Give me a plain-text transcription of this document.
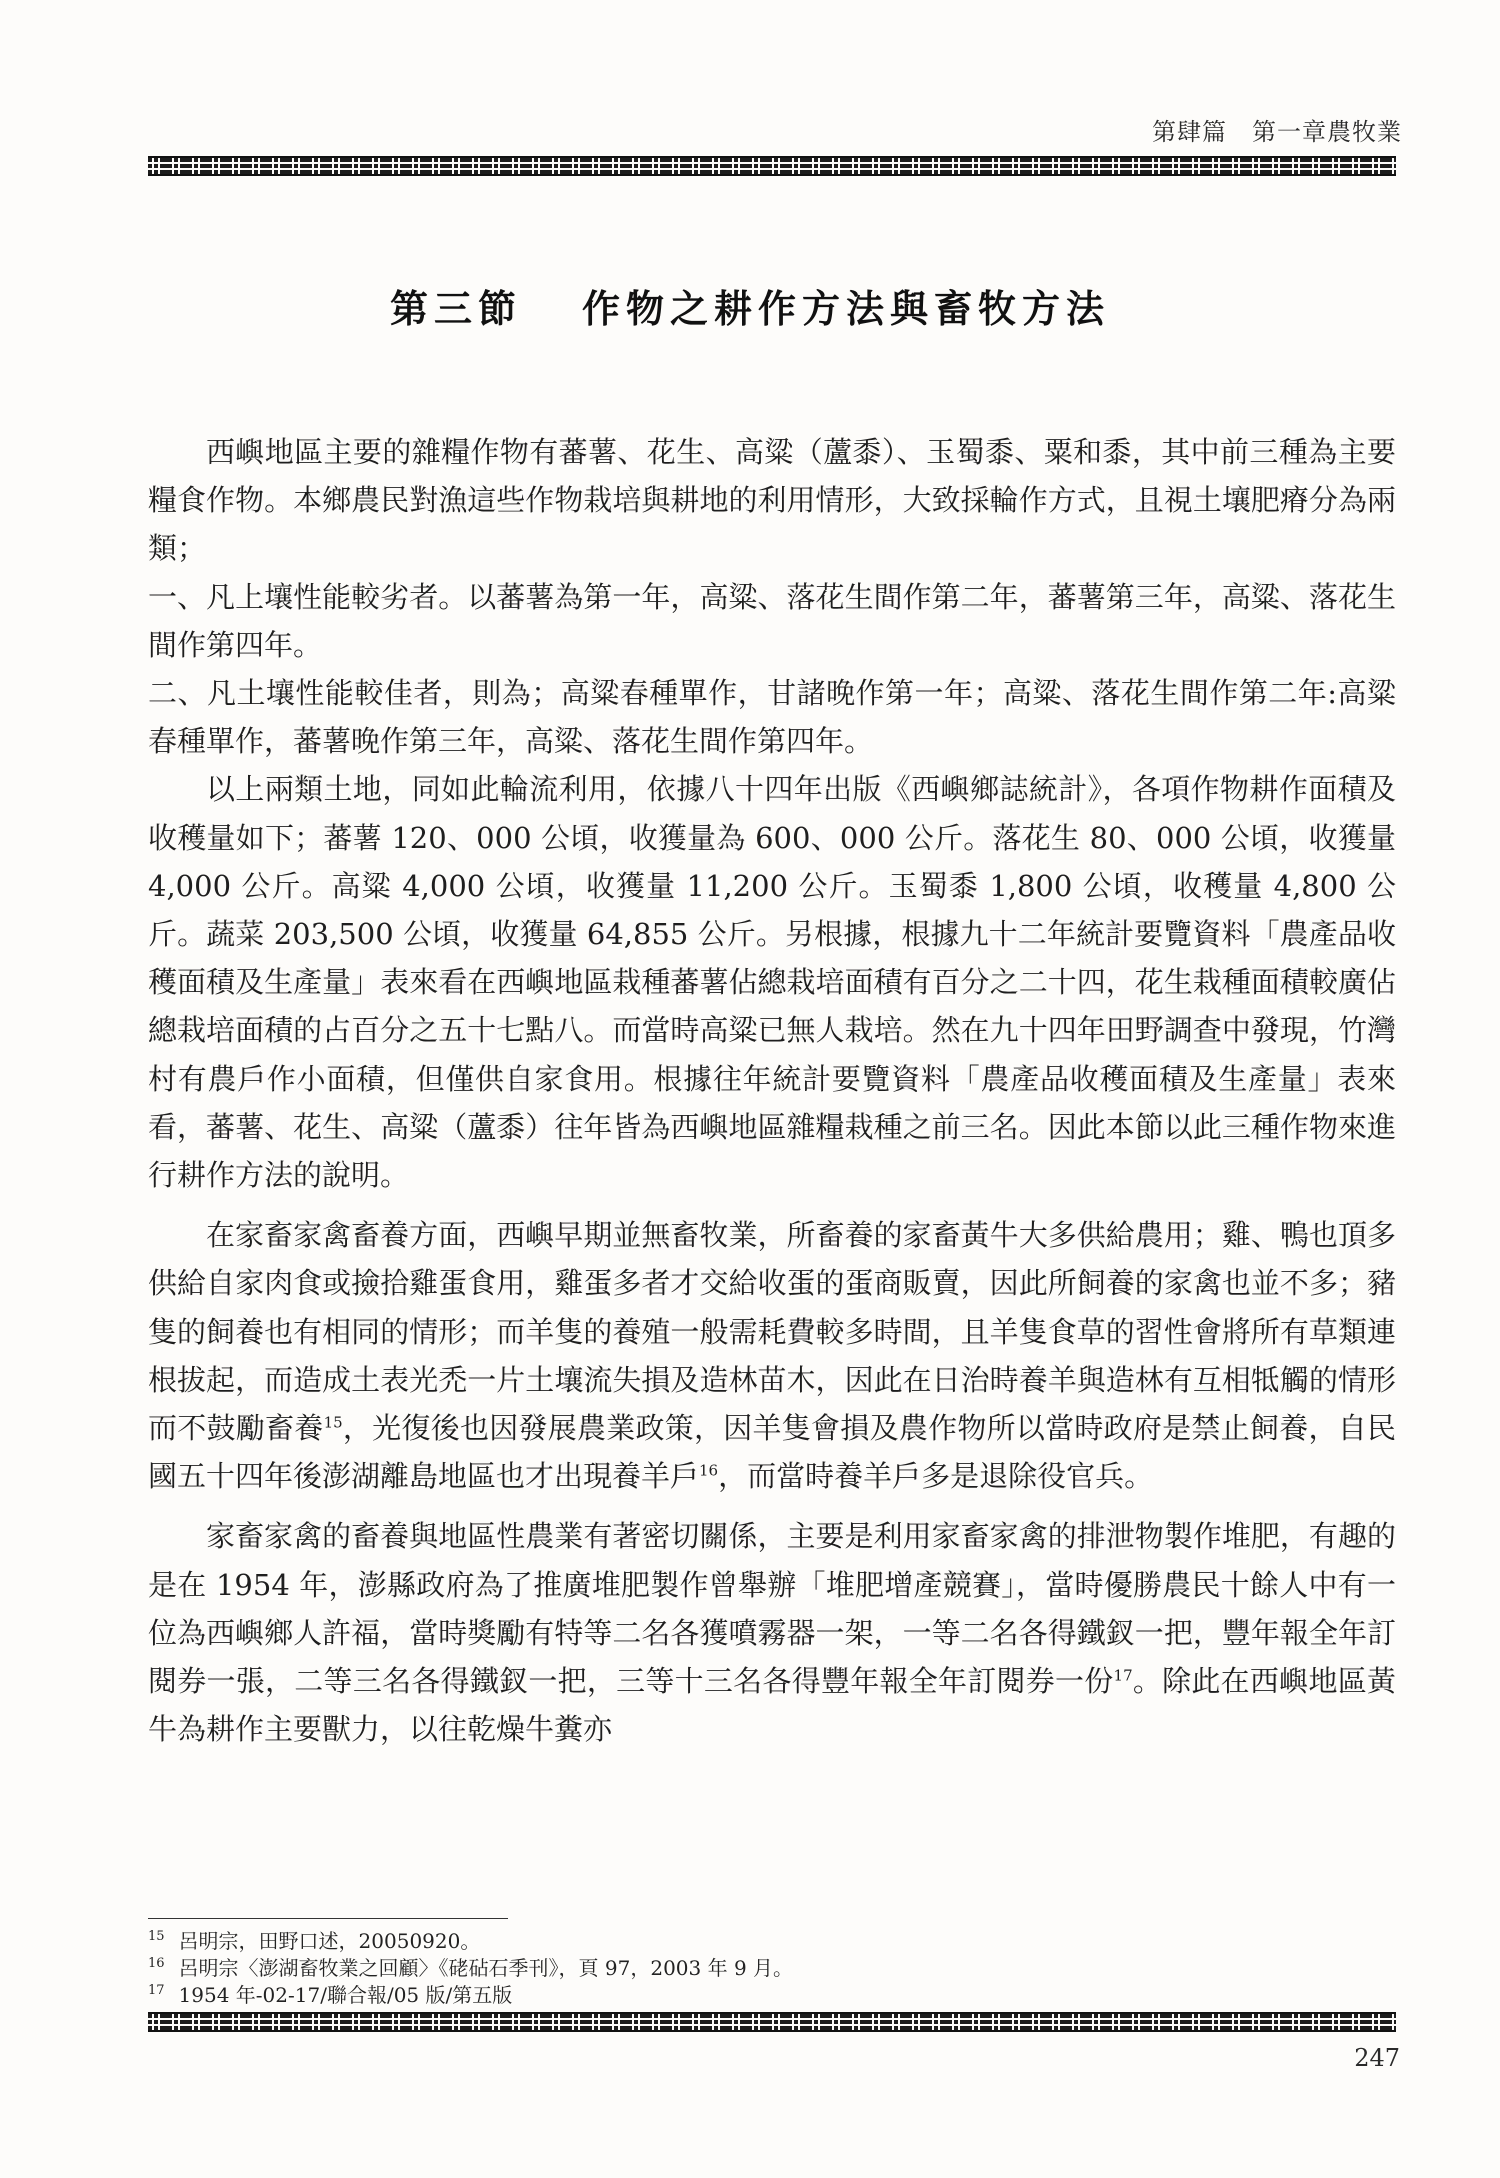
第肆篇　第一章農牧業
第三節 作物之耕作方法與畜牧方法

西嶼地區主要的雜糧作物有蕃薯、花生、高粱（蘆黍）、玉蜀黍、粟和黍，其中前三種為主要糧食作物。本鄉農民對漁這些作物栽培與耕地的利用情形，大致採輪作方式，且視土壤肥瘠分為兩類；

一、凡上壤性能較劣者。以蕃薯為第一年，高粱、落花生間作第二年，蕃薯第三年，高粱、落花生間作第四年。

二、凡土壤性能較佳者，則為；高粱春種單作，甘諸晚作第一年；高粱、落花生間作第二年:高粱春種單作，蕃薯晚作第三年，高粱、落花生間作第四年。

以上兩類土地，同如此輪流利用，依據八十四年出版《西嶼鄉誌統計》，各項作物耕作面積及收穫量如下；蕃薯 120、000 公頃，收獲量為 600、000 公斤。落花生 80、000 公頃，收獲量 4,000 公斤。高粱 4,000 公頃，收獲量 11,200 公斤。玉蜀黍 1,800 公頃，收穫量 4,800 公斤。蔬菜 203,500 公頃，收獲量 64,855 公斤。另根據，根據九十二年統計要覽資料「農產品收穫面積及生產量」表來看在西嶼地區栽種蕃薯佔總栽培面積有百分之二十四，花生栽種面積較廣佔總栽培面積的占百分之五十七點八。而當時高粱已無人栽培。然在九十四年田野調查中發現，竹灣村有農戶作小面積，但僅供自家食用。根據往年統計要覽資料「農產品收穫面積及生產量」表來看，蕃薯、花生、高粱（蘆黍）往年皆為西嶼地區雜糧栽種之前三名。因此本節以此三種作物來進行耕作方法的說明。

在家畜家禽畜養方面，西嶼早期並無畜牧業，所畜養的家畜黃牛大多供給農用；雞、鴨也頂多供給自家肉食或撿拾雞蛋食用，雞蛋多者才交給收蛋的蛋商販賣，因此所飼養的家禽也並不多；豬隻的飼養也有相同的情形；而羊隻的養殖一般需耗費較多時間，且羊隻食草的習性會將所有草類連根拔起，而造成土表光禿一片土壤流失損及造林苗木，因此在日治時養羊與造林有互相牴觸的情形而不鼓勵畜養$^{15}$，光復後也因發展農業政策，因羊隻會損及農作物所以當時政府是禁止飼養，自民國五十四年後澎湖離島地區也才出現養羊戶$^{16}$，而當時養羊戶多是退除役官兵。

家畜家禽的畜養與地區性農業有著密切關係，主要是利用家畜家禽的排泄物製作堆肥，有趣的是在 1954 年，澎縣政府為了推廣堆肥製作曾舉辦「堆肥增產競賽」，當時優勝農民十餘人中有一位為西嶼鄉人許福，當時獎勵有特等二名各獲噴霧器一架，一等二名各得鐵釵一把，豐年報全年訂閱券一張，二等三名各得鐵釵一把，三等十三名各得豐年報全年訂閱券一份$^{17}$。除此在西嶼地區黃牛為耕作主要獸力，以往乾燥牛糞亦

$^{15}$ 呂明宗，田野口述，20050920。
$^{16}$ 呂明宗〈澎湖畜牧業之回顧〉《硓砧石季刊》，頁 97，2003 年 9 月。
$^{17}$ 1954 年-02-17/聯合報/05 版/第五版
247
